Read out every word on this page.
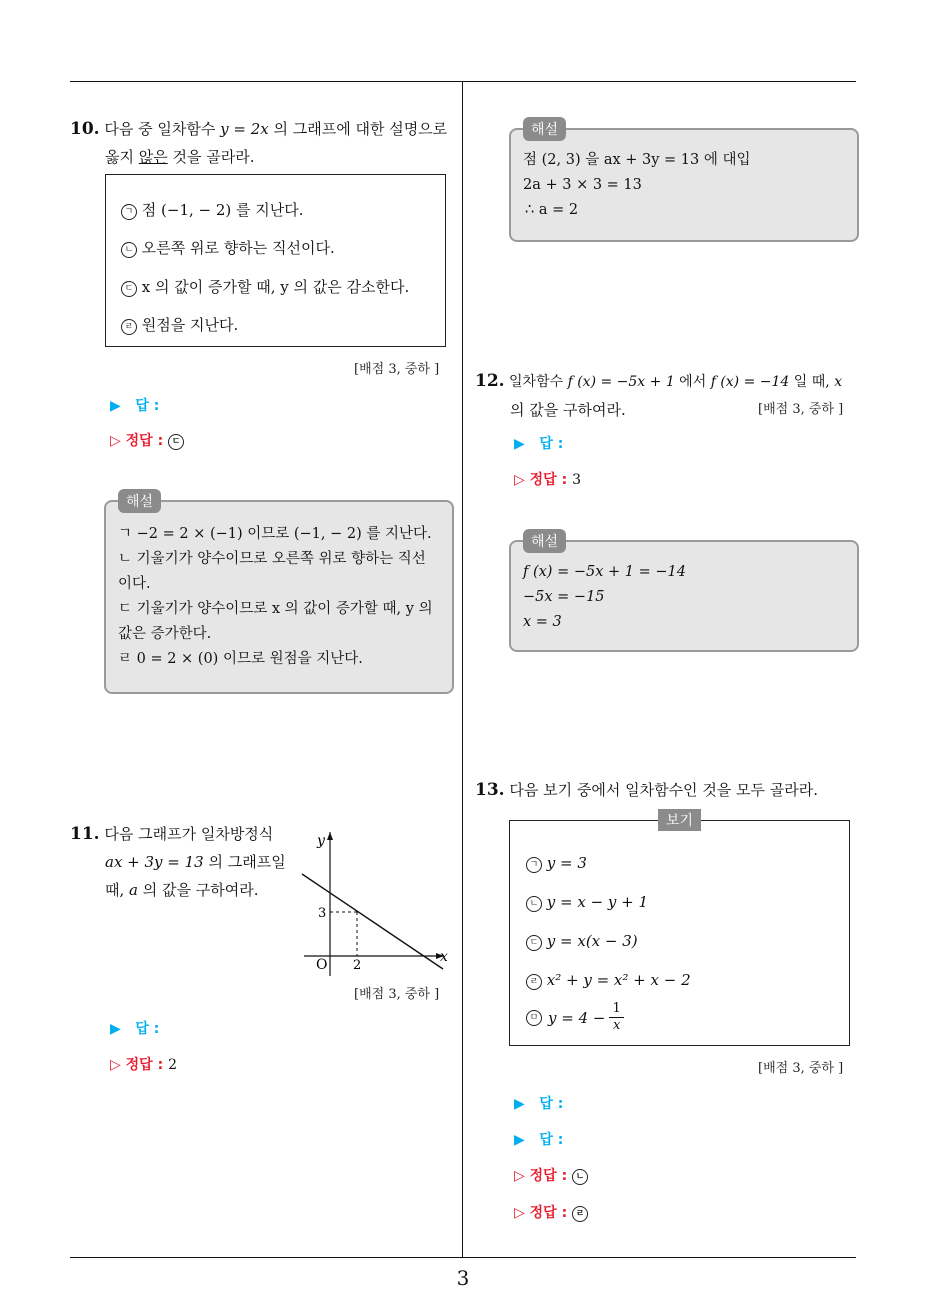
3
10. 다음 중 일차함수 y = 2x 의 그래프에 대한 설명으로
옳지 않은 것을 골라라.
ㄱ 점 (−1, − 2) 를 지난다.
ㄴ 오른쪽 위로 향하는 직선이다.
ㄷ x 의 값이 증가할 때, y 의 값은 감소한다.
ㄹ 원점을 지난다.
[배점 3, 중하 ]
▶ 답 :
▷ 정답 : ㄷ
해설
ㄱ −2 = 2 × (−1) 이므로 (−1, − 2) 를 지난다.
ㄴ 기울기가 양수이므로 오른쪽 위로 향하는 직선
이다.
ㄷ 기울기가 양수이므로 x 의 값이 증가할 때, y 의
값은 증가한다.
ㄹ 0 = 2 × (0) 이므로 원점을 지난다.
11. 다음 그래프가 일차방정식
ax + 3y = 13 의 그래프일
때, a 의 값을 구하여라.
y
x
O 2
3
[배점 3, 중하 ]
▶ 답 :
▷ 정답 : 2
해설
점 (2, 3) 을 ax + 3y = 13 에 대입
2a + 3 × 3 = 13
∴ a = 2
12. 일차함수 f (x) = −5x + 1 에서 f (x) = −14 일 때, x
의 값을 구하여라.	[배점 3, 중하 ]
▶ 답 :
▷ 정답 : 3
해설
f (x) = −5x + 1 = −14
−5x = −15
x = 3
13. 다음 보기 중에서 일차함수인 것을 모두 골라라.
보기
ㄱ y = 3
ㄴ y = x − y + 1
ㄷ y = x(x − 3)
ㄹ x² + y = x² + x − 2
ㅁ $y = 4 - \frac{1}{x}$
[배점 3, 중하 ]
▶ 답 :
▶ 답 :
▷ 정답 : ㄴ
▷ 정답 : ㄹ
